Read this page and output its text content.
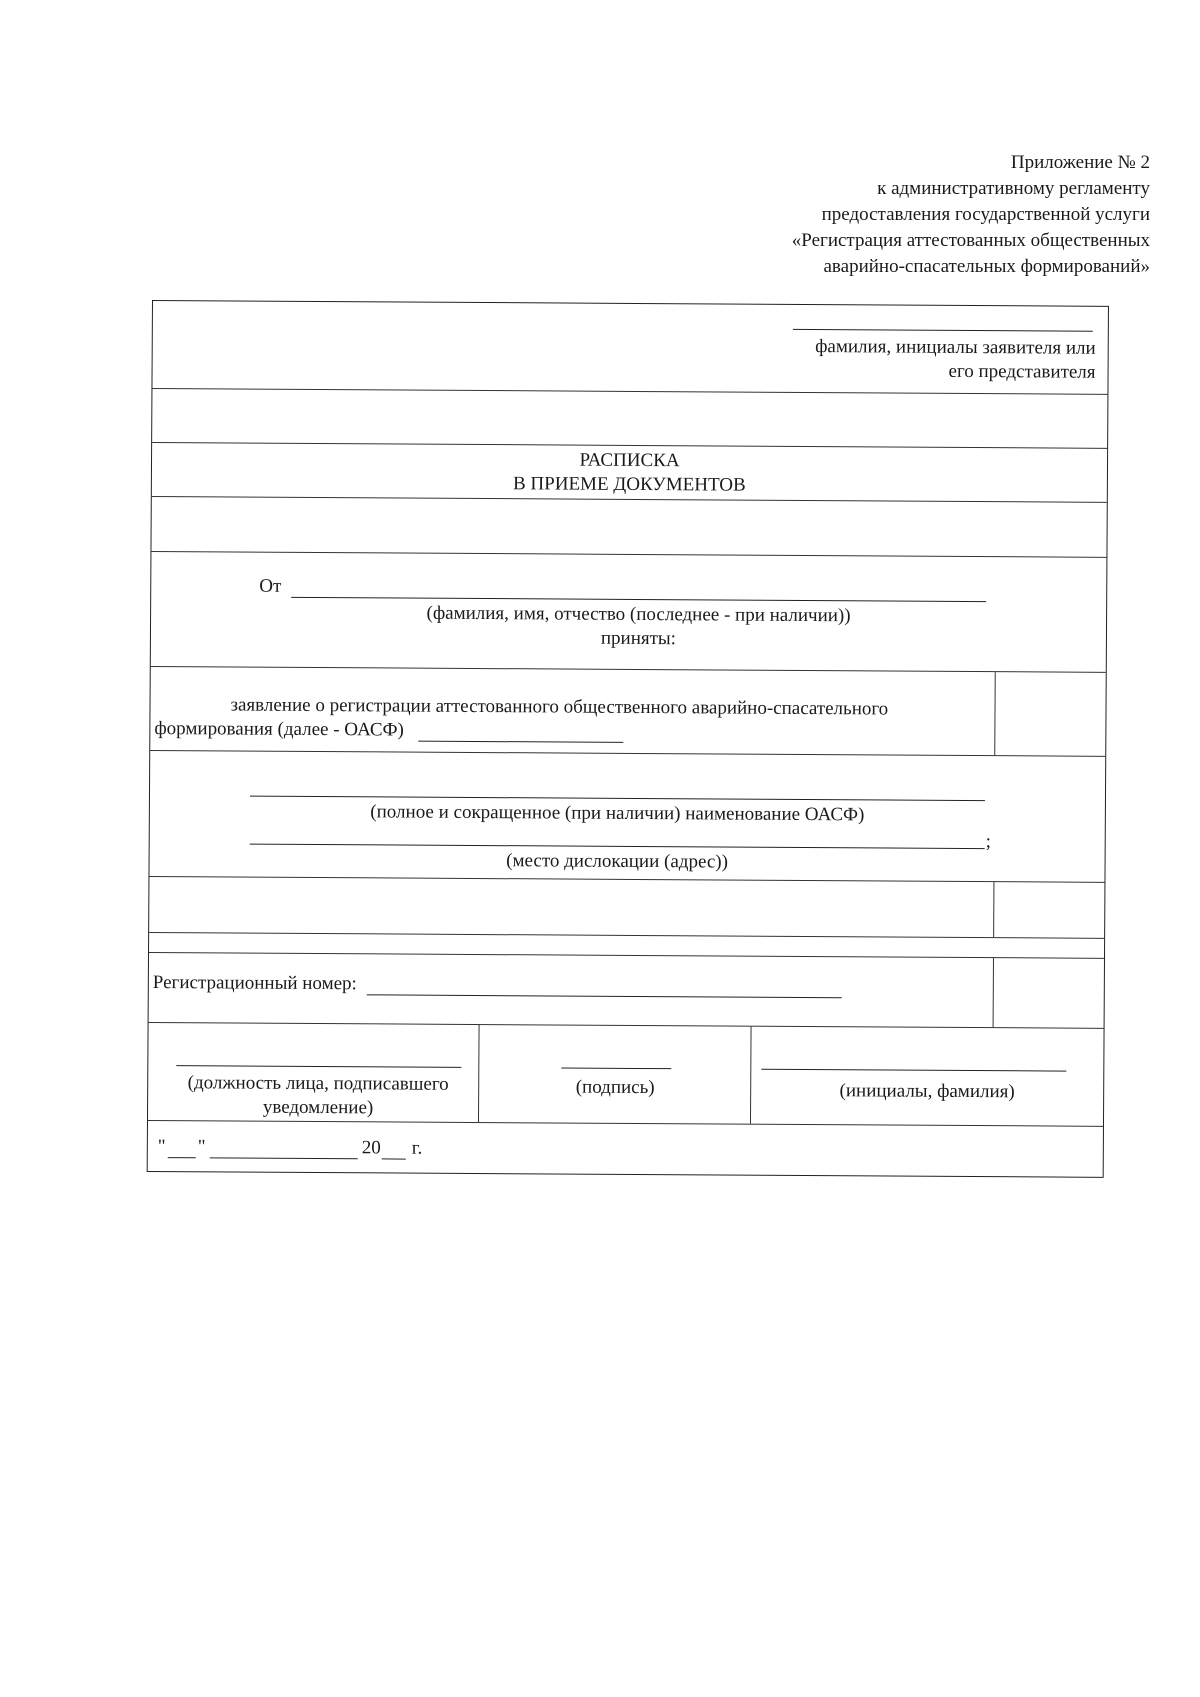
Приложение № 2
к административному регламенту
предоставления государственной услуги
«Регистрация аттестованных общественных
аварийно-спасательных формирований»
фамилия, инициалы заявителя или
его представителя
РАСПИСКА
В ПРИЕМЕ ДОКУМЕНТОВ
От
(фамилия, имя, отчество (последнее - при наличии))
приняты:
заявление о регистрации аттестованного общественного аварийно-спасательного
формирования (далее - ОАСФ)
(полное и сокращенное (при наличии) наименование ОАСФ)
;
(место дислокации (адрес))
Регистрационный номер:
(должность лица, подписавшего
уведомление)
(подпись)	(инициалы, фамилия)
" "	20 г.
